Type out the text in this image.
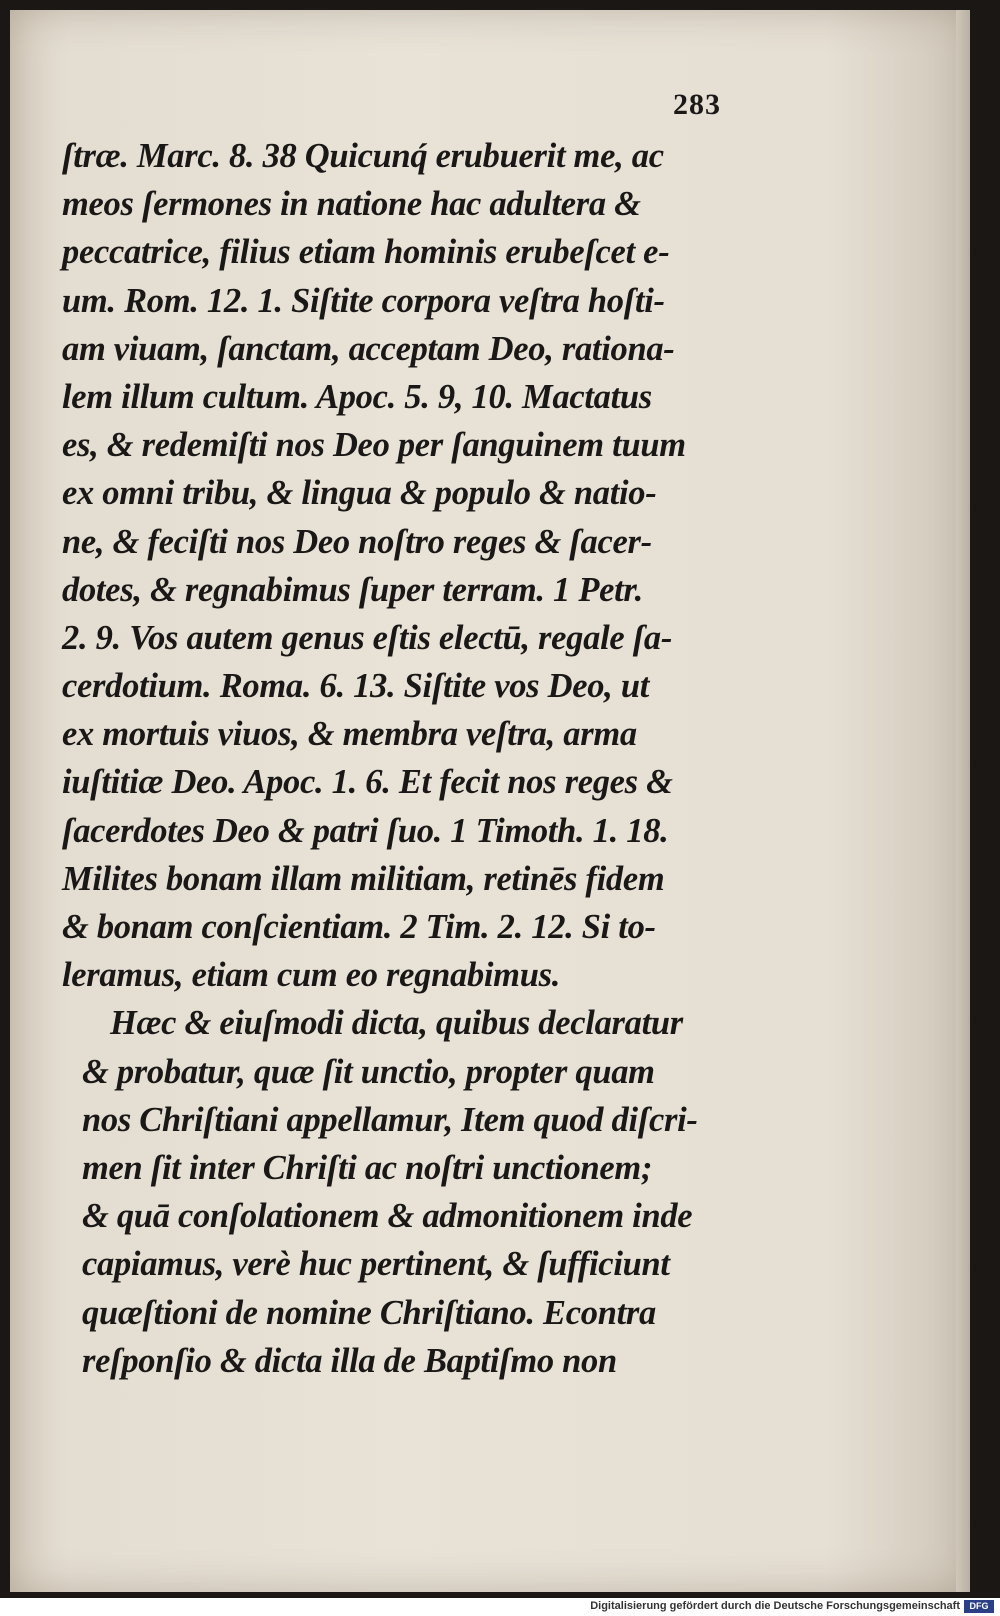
283
ſtræ. Marc. 8. 38 Quicunq́ erubuerit me, ac
meos ſermones in natione hac adultera &
peccatrice, filius etiam hominis erubeſcet e-
um. Rom. 12. 1. Siſtite corpora veſtra hoſti-
am viuam, ſanctam, acceptam Deo, rationa-
lem illum cultum. Apoc. 5. 9, 10. Mactatus
es, & redemiſti nos Deo per ſanguinem tuum
ex omni tribu, & lingua & populo & natio-
ne, & feciſti nos Deo noſtro reges & ſacer-
dotes, & regnabimus ſuper terram. 1 Petr.
2. 9. Vos autem genus eſtis electū, regale ſa-
cerdotium. Roma. 6. 13. Siſtite vos Deo, ut
ex mortuis viuos, & membra veſtra, arma
iuſtitiæ Deo. Apoc. 1. 6. Et fecit nos reges &
ſacerdotes Deo & patri ſuo. 1 Timoth. 1. 18.
Milites bonam illam militiam, retinēs fidem
& bonam conſcientiam. 2 Tim. 2. 12. Si to-
leramus, etiam cum eo regnabimus.
Hæc & eiuſmodi dicta, quibus declaratur
& probatur, quæ ſit unctio, propter quam
nos Chriſtiani appellamur, Item quod diſcri-
men ſit inter Chriſti ac noſtri unctionem;
& quā conſolationem & admonitionem inde
capiamus, verè huc pertinent, & ſufficiunt
quæſtioni de nomine Chriſtiano. Econtra
reſponſio & dicta illa de Baptiſmo non
Digitalisierung gefördert durch die Deutsche Forschungsgemeinschaft	DFG
